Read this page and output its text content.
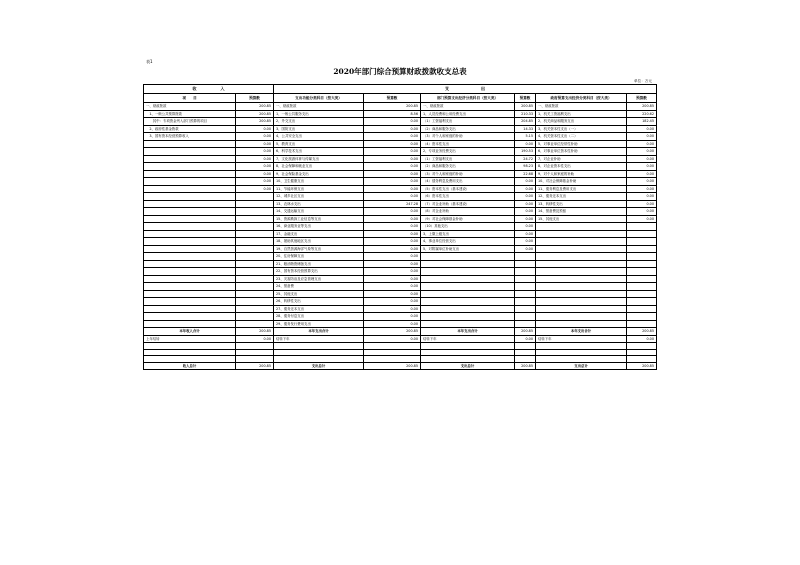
表1
2020年部门综合预算财政拨款收支总表
单位：万元
收　　　　　　入		支　　　　　　　　出					
项　　目	预算数	支出功能分类科目（按大类）	预算数	部门预算支出经济分类科目（按大类）	预算数	政府预算支出经济分类科目（按大类）	预算数
一、财政拨款	200.85	一、财政拨款	200.85	一、财政拨款	200.85	一、财政拨款	200.85
　1、一般公共预算拨款	200.85	1、一般公共服务支出	8.56	1、人员经费和公用经费支出	210.33	1、机关工资福利支出	220.62
　　其中：专项资金列入部门预算的项目	200.85	2、外交支出	0.00	（1）工资福利支出	204.85	2、机关商品和服务支出	182.45
　2、政府性基金拨款	0.00	3、国防支出	0.00	（2）商品和服务支出	14.33	3、机关资本性支出（一）	0.00
　3、国有资本经营预算收入	0.00	4、公共安全支出	0.00	（3）对个人和家庭的补助	5.15	4、机关资本性支出（二）	0.00
	0.00	5、教育支出	0.00	（4）资本性支出	0.00	5、对事业单位经常性补助	0.00
	0.00	6、科学技术支出	0.00	2、专项业务经费支出	190.53	6、对事业单位资本性补助	0.00
	0.00	7、文化旅游体育与传媒支出	0.00	（1）工资福利支出	24.72	7、对企业补助	0.00
	0.00	8、社会保障和就业支出	0.00	（2）商品和服务支出	98.23	8、对企业资本性支出	0.00
	0.00	9、社会保险基金支出	0.00	（3）对个人和家庭的补助	22.68	9、对个人和家庭的补助	0.00
	0.00	10、卫生健康支出	0.00	（4）债务利息及费用支出	0.00	10、对社会保障基金补助	0.00
	0.00	11、节能环保支出	0.00	（5）资本性支出（基本建设）	0.00	11、债务利息及费用支出	0.00
		12、城乡社区支出	0.00	（6）资本性支出	0.00	12、债务还本支出	0.00
		13、农林水支出	247.28	（7）对企业补助（基本建设）	0.00	13、转移性支出	0.00
		14、交通运输支出	0.00	（8）对企业补助	0.00	14、预备费及预留	0.00
		15、资源勘探工业信息等支出	0.00	（9）对社会保障基金补助	0.00	15、其他支出	0.00
		16、商业服务业等支出	0.00	（10）其他支出	0.00		
		17、金融支出	0.00	3、上缴上级支出	0.00		
		18、援助其他地区支出	0.00	4、事业单位经营支出	0.00		
		19、自然资源海洋气象等支出	0.00	5、对附属单位补助支出	0.00		
		20、住房保障支出	0.00				
		21、粮油物资储备支出	0.00				
		22、国有资本经营预算支出	0.00				
		23、灾害防治及应急管理支出	0.00				
		24、预备费	0.00				
		25、其他支出	0.00				
		26、转移性支出	0.00				
		27、债务还本支出	0.00				
		28、债务付息支出	0.00				
		29、债务发行费用支出	0.00				
本年收入合计	200.85	本年支出合计	200.85	本年支出合计	200.85	本年支出合计	200.85
上年结转	0.00	结转下年	0.00	结转下年	0.00	结转下年	0.00

收入总计	200.85	支出总计	200.85	支出总计	200.85	支出总计	200.85
